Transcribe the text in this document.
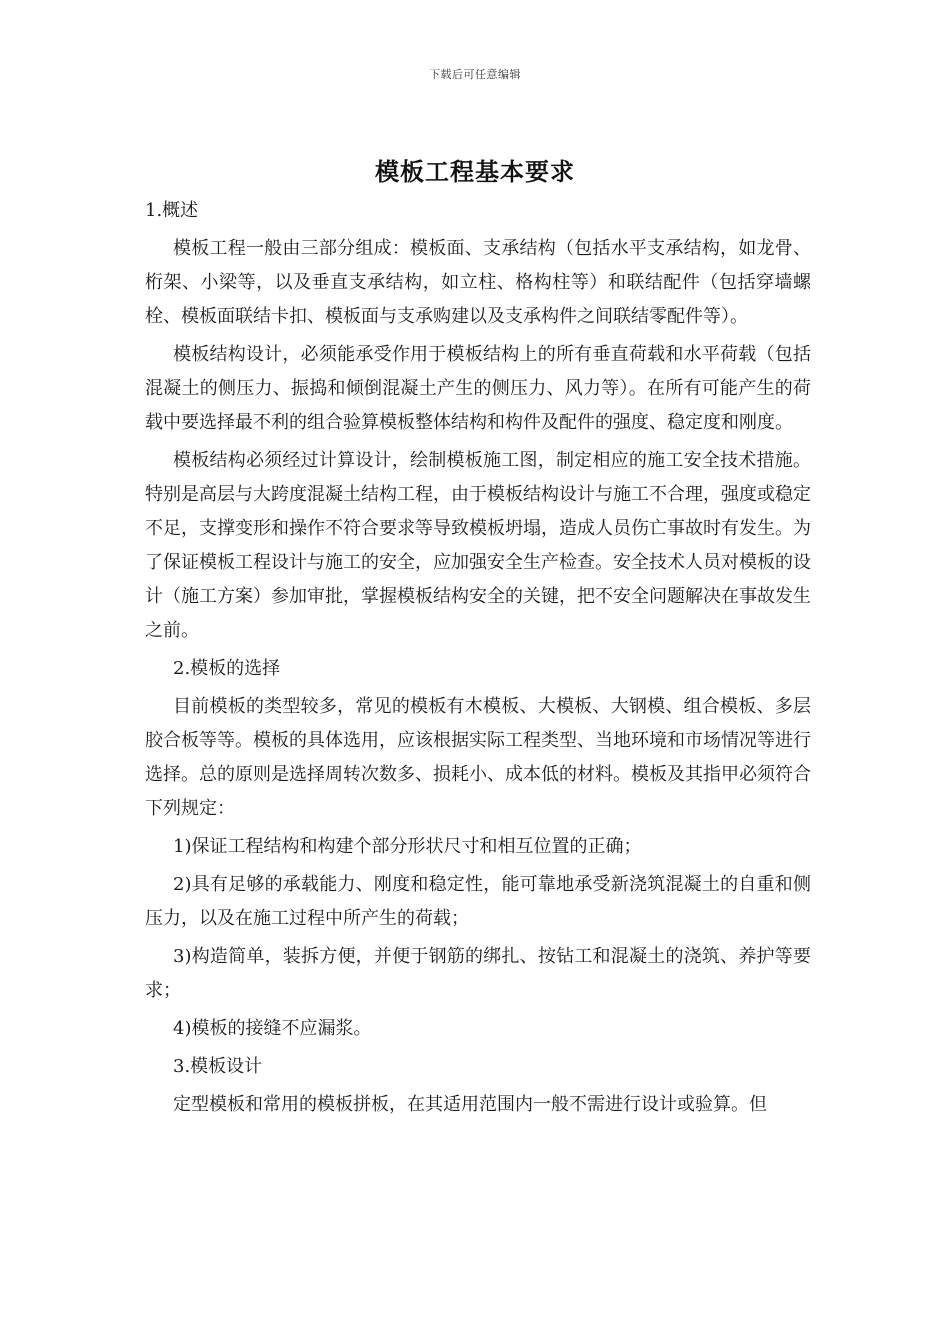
下载后可任意编辑
模板工程基本要求

1.概述

模板工程一般由三部分组成：模板面、支承结构（包括水平支承结构，如龙骨、桁架、小梁等，以及垂直支承结构，如立柱、格构柱等）和联结配件（包括穿墙螺栓、模板面联结卡扣、模板面与支承购建以及支承构件之间联结零配件等）。

模板结构设计，必须能承受作用于模板结构上的所有垂直荷载和水平荷载（包括混凝土的侧压力、振捣和倾倒混凝土产生的侧压力、风力等）。在所有可能产生的荷载中要选择最不利的组合验算模板整体结构和构件及配件的强度、稳定度和刚度。

模板结构必须经过计算设计，绘制模板施工图，制定相应的施工安全技术措施。特别是高层与大跨度混凝土结构工程，由于模板结构设计与施工不合理，强度或稳定不足，支撑变形和操作不符合要求等导致模板坍塌，造成人员伤亡事故时有发生。为了保证模板工程设计与施工的安全，应加强安全生产检查。安全技术人员对模板的设计（施工方案）参加审批，掌握模板结构安全的关键，把不安全问题解决在事故发生之前。

2.模板的选择

目前模板的类型较多，常见的模板有木模板、大模板、大钢模、组合模板、多层胶合板等等。模板的具体选用，应该根据实际工程类型、当地环境和市场情况等进行选择。总的原则是选择周转次数多、损耗小、成本低的材料。模板及其指甲必须符合下列规定：

1)保证工程结构和构建个部分形状尺寸和相互位置的正确；

2)具有足够的承载能力、刚度和稳定性，能可靠地承受新浇筑混凝土的自重和侧压力，以及在施工过程中所产生的荷载；

3)构造简单，装拆方便，并便于钢筋的绑扎、按钻工和混凝土的浇筑、养护等要求；

4)模板的接缝不应漏浆。

3.模板设计

定型模板和常用的模板拼板，在其适用范围内一般不需进行设计或验算。但
